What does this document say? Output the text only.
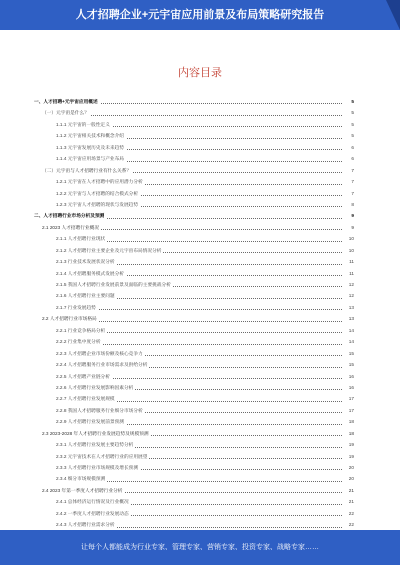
人才招聘企业+元宇宙应用前景及布局策略研究报告
内容目录
一、人才招聘+元宇宙应用概述	5
（一）元宇宙是什么？	5
1.1.1 元宇宙的一般性定义	5
1.1.2 元宇宙相关技术和概念介绍	5
1.1.3 元宇宙发展历史及未来趋势	6
1.1.4 元宇宙应用场景与产业布局	6
（二）元宇宙与人才招聘行业有什么关系？	7
1.2.1 元宇宙在人才招聘中的应用潜力分析	7
1.2.2 元宇宙与人才招聘的结合模式分析	7
1.2.3 元宇宙人才招聘的现状与发展趋势	8
二、人才招聘行业市场分析及预测	9
2.1 2023 人才招聘行业概况	9
2.1.1 人才招聘行业现状	10
2.1.2 人才招聘行业主要企业及元宇宙布局情况分析	10
2.1.3 行业技术发展状况分析	11
2.1.4 人才招聘服务模式发展分析	11
2.1.5 我国人才招聘行业发展前景及面临的主要挑战分析	12
2.1.6 人才招聘行业主要问题	12
2.1.7 行业发展趋势	13
2.2 人才招聘行业市场格局	13
2.2.1 行业竞争格局分析	14
2.2.2 行业集中度分析	14
2.2.3 人才招聘企业市场份额及核心竞争力	15
2.2.4 人才招聘服务行业市场需求及供给分析	15
2.2.5 人才招聘产业链分析	16
2.2.6 人才招聘行业发展影响因素分析	16
2.2.7 人才招聘行业发展规模	17
2.2.8 我国人才招聘服务行业细分市场分析	17
2.2.9 人才招聘行业发展前景预测	18
2.3 2023-2028 年人才招聘行业发展趋势及规模预测	18
2.3.1 人才招聘行业发展主要趋势分析	19
2.3.2 元宇宙技术在人才招聘行业的应用展望	19
2.3.3 人才招聘行业市场规模及增长预测	20
2.3.4 细分市场规模预测	20
2.4 2023 年第一季度人才招聘行业分析	21
2.4.1 总体经济运行情况及行业概况	21
2.4.2 一季度人才招聘行业发展动态	22
2.4.3 人才招聘行业需求分析	22
让每个人都能成为行业专家、管理专家、营销专家、投资专家、战略专家……
